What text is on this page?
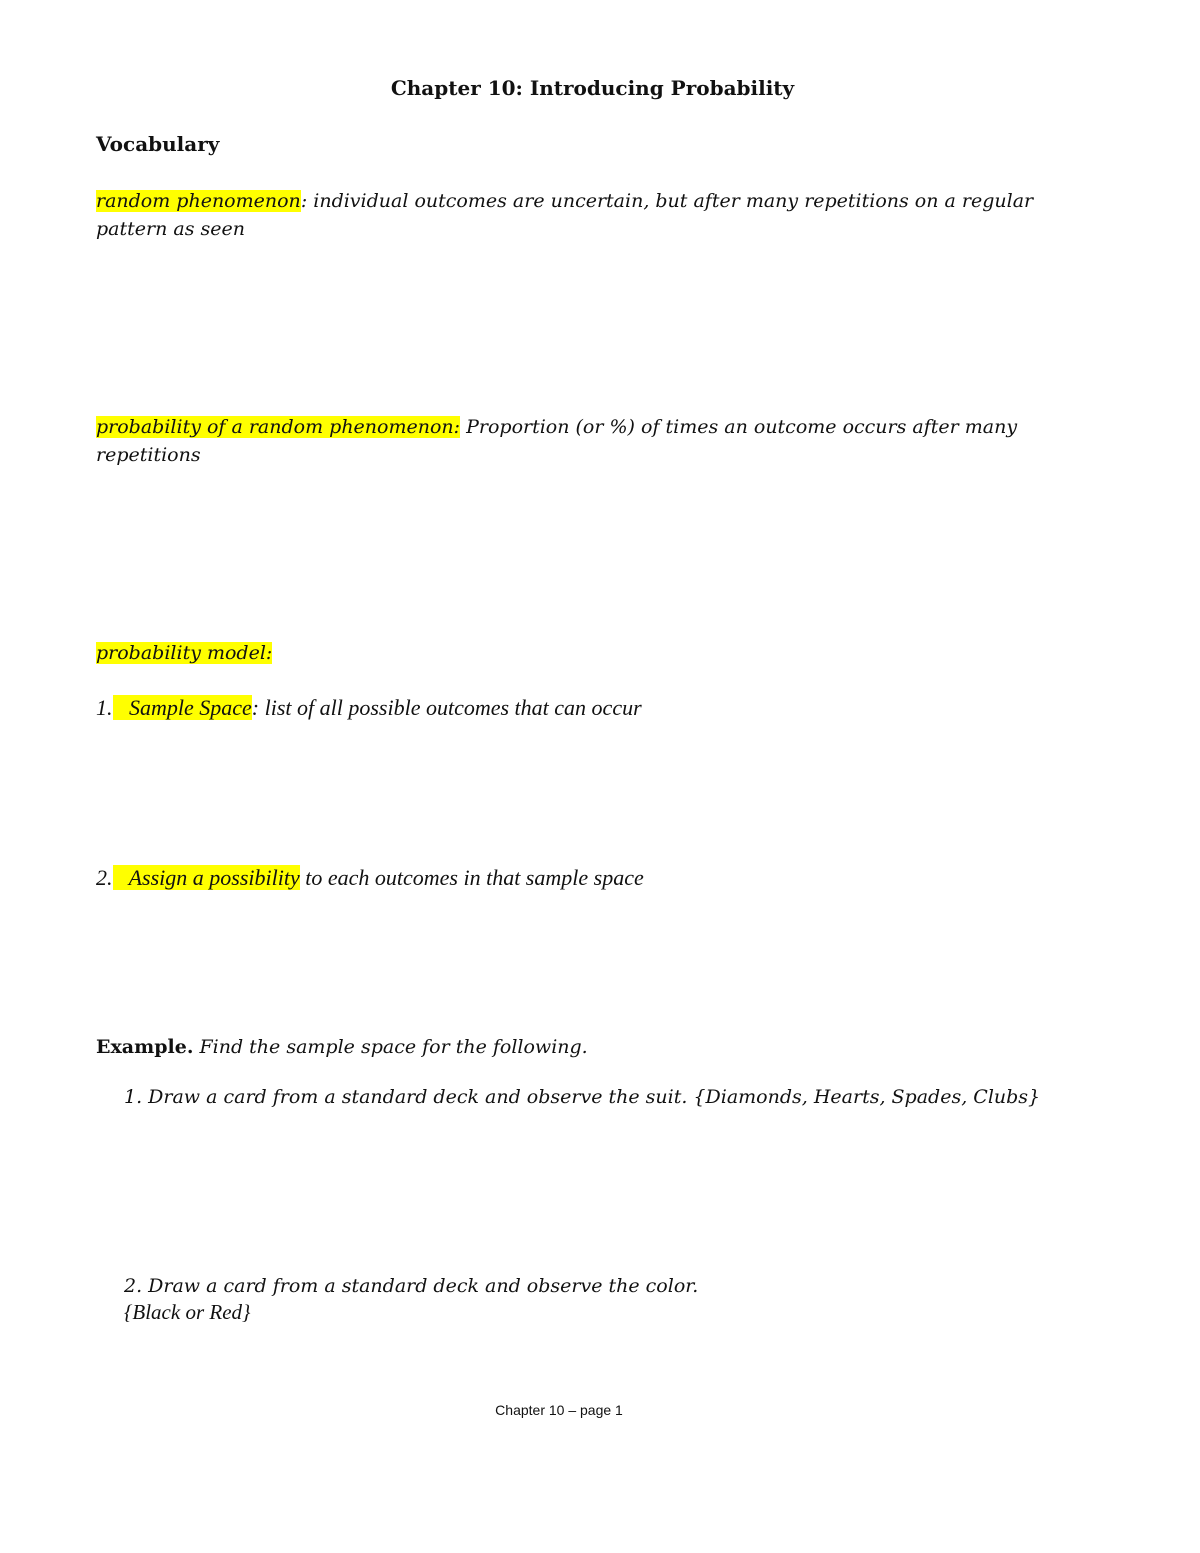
Chapter 10: Introducing Probability
Vocabulary
random phenomenon: individual outcomes are uncertain, but after many repetitions on a regular pattern as seen
probability of a random phenomenon: Proportion (or %) of times an outcome occurs after many repetitions
probability model:
1.   Sample Space: list of all possible outcomes that can occur
2.   Assign a possibility to each outcomes in that sample space
Example. Find the sample space for the following.
1. Draw a card from a standard deck and observe the suit. {Diamonds, Hearts, Spades, Clubs}
2. Draw a card from a standard deck and observe the color.
{Black or Red}
Chapter 10 – page 1
